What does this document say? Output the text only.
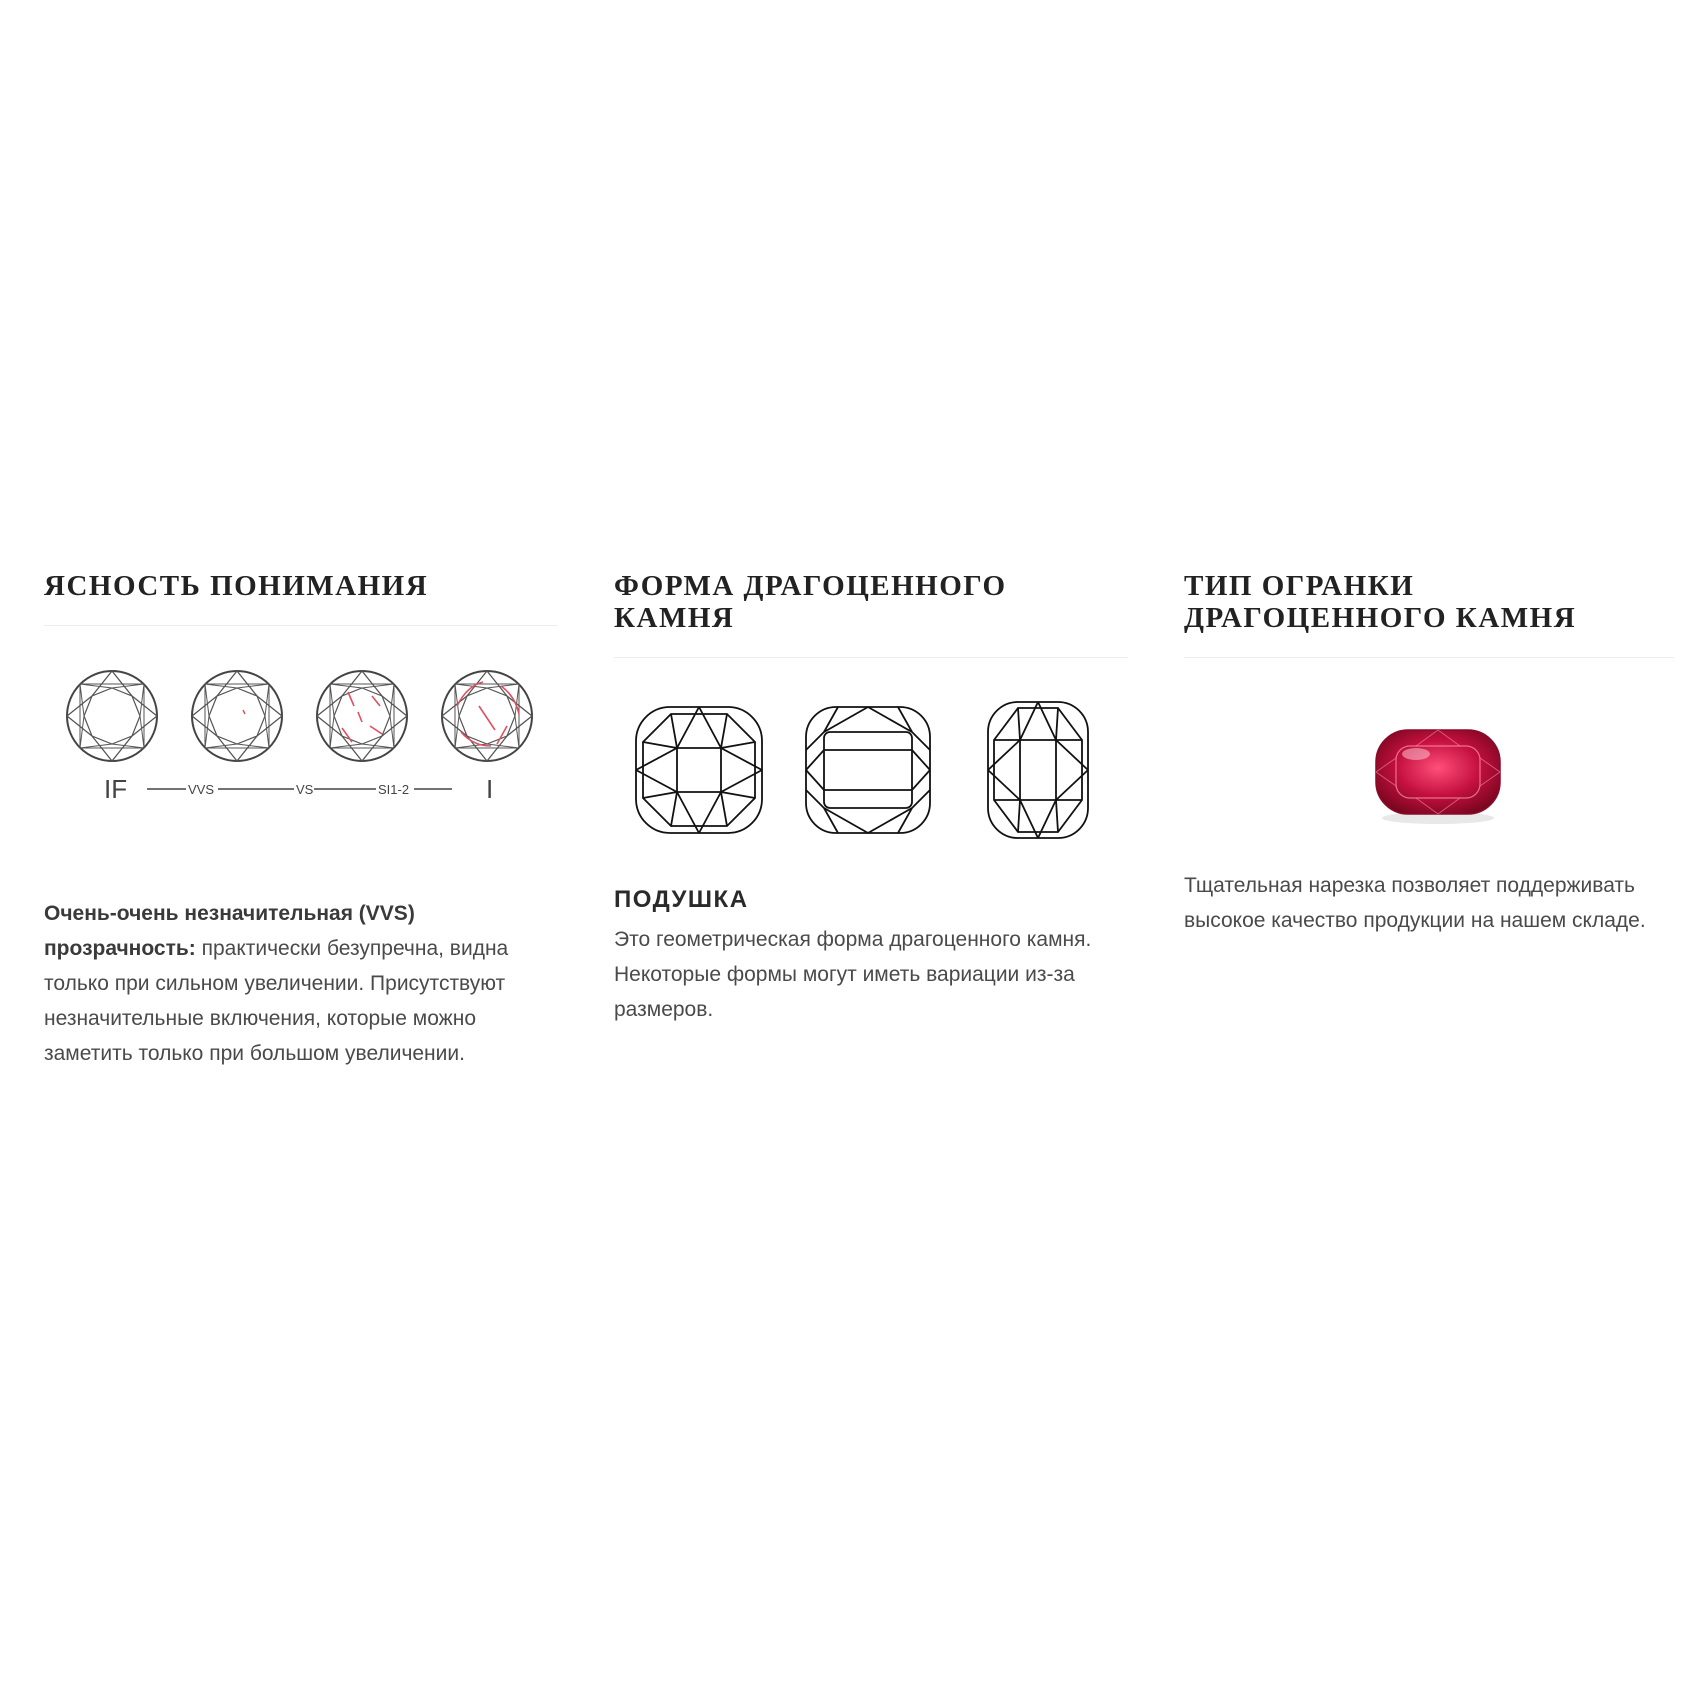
ЯСНОСТЬ ПОНИМАНИЯ
IF	VVS	VS	SI1-2	I

Очень-очень незначительная (VVS) прозрачность: практически безупречна, видна только при сильном увеличении. Присутствуют незначительные включения, которые можно заметить только при большом увеличении.

ФОРМА ДРАГОЦЕННОГО КАМНЯ
ПОДУШКА

Это геометрическая форма драгоценного камня. Некоторые формы могут иметь вариации из-за размеров.

ТИП ОГРАНКИ ДРАГОЦЕННОГО КАМНЯ

Тщательная нарезка позволяет поддерживать высокое качество продукции на нашем складе.
